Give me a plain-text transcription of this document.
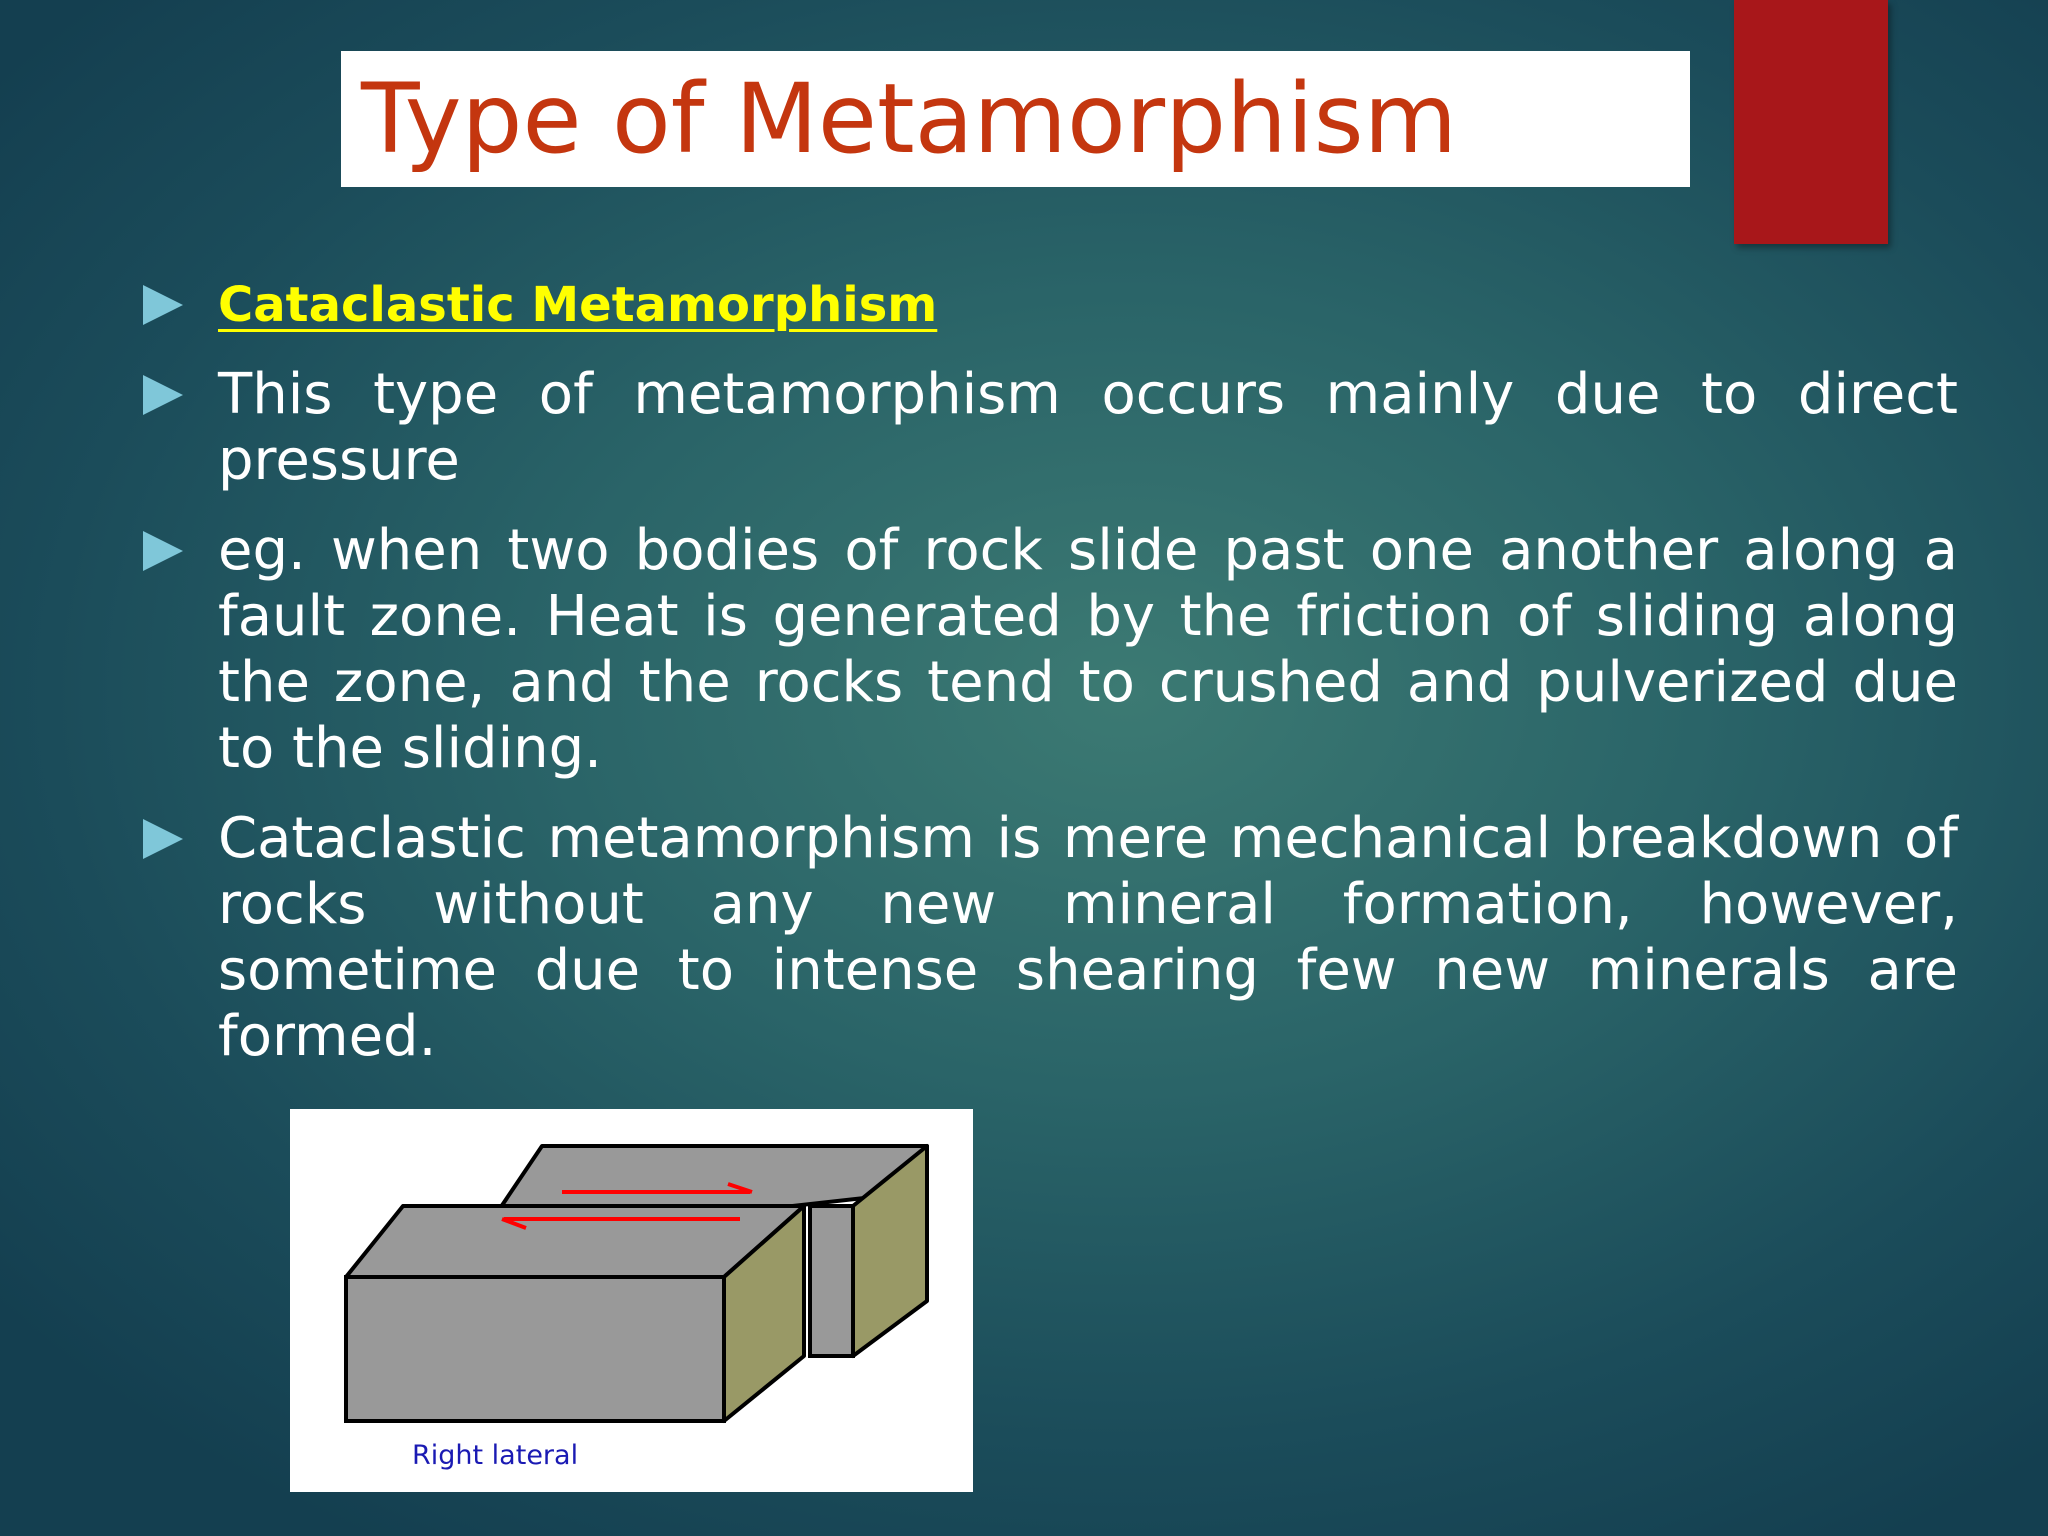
Type of Metamorphism
Cataclastic Metamorphism
This type of metamorphism occurs mainly due to direct pressure
eg. when two bodies of rock slide past one another along a fault zone. Heat is generated by the friction of sliding along the zone, and the rocks tend to crushed and pulverized due to the sliding.
Cataclastic metamorphism is mere mechanical breakdown of rocks without any new mineral formation, however, sometime due to intense shearing few new minerals are formed.
Right lateral
